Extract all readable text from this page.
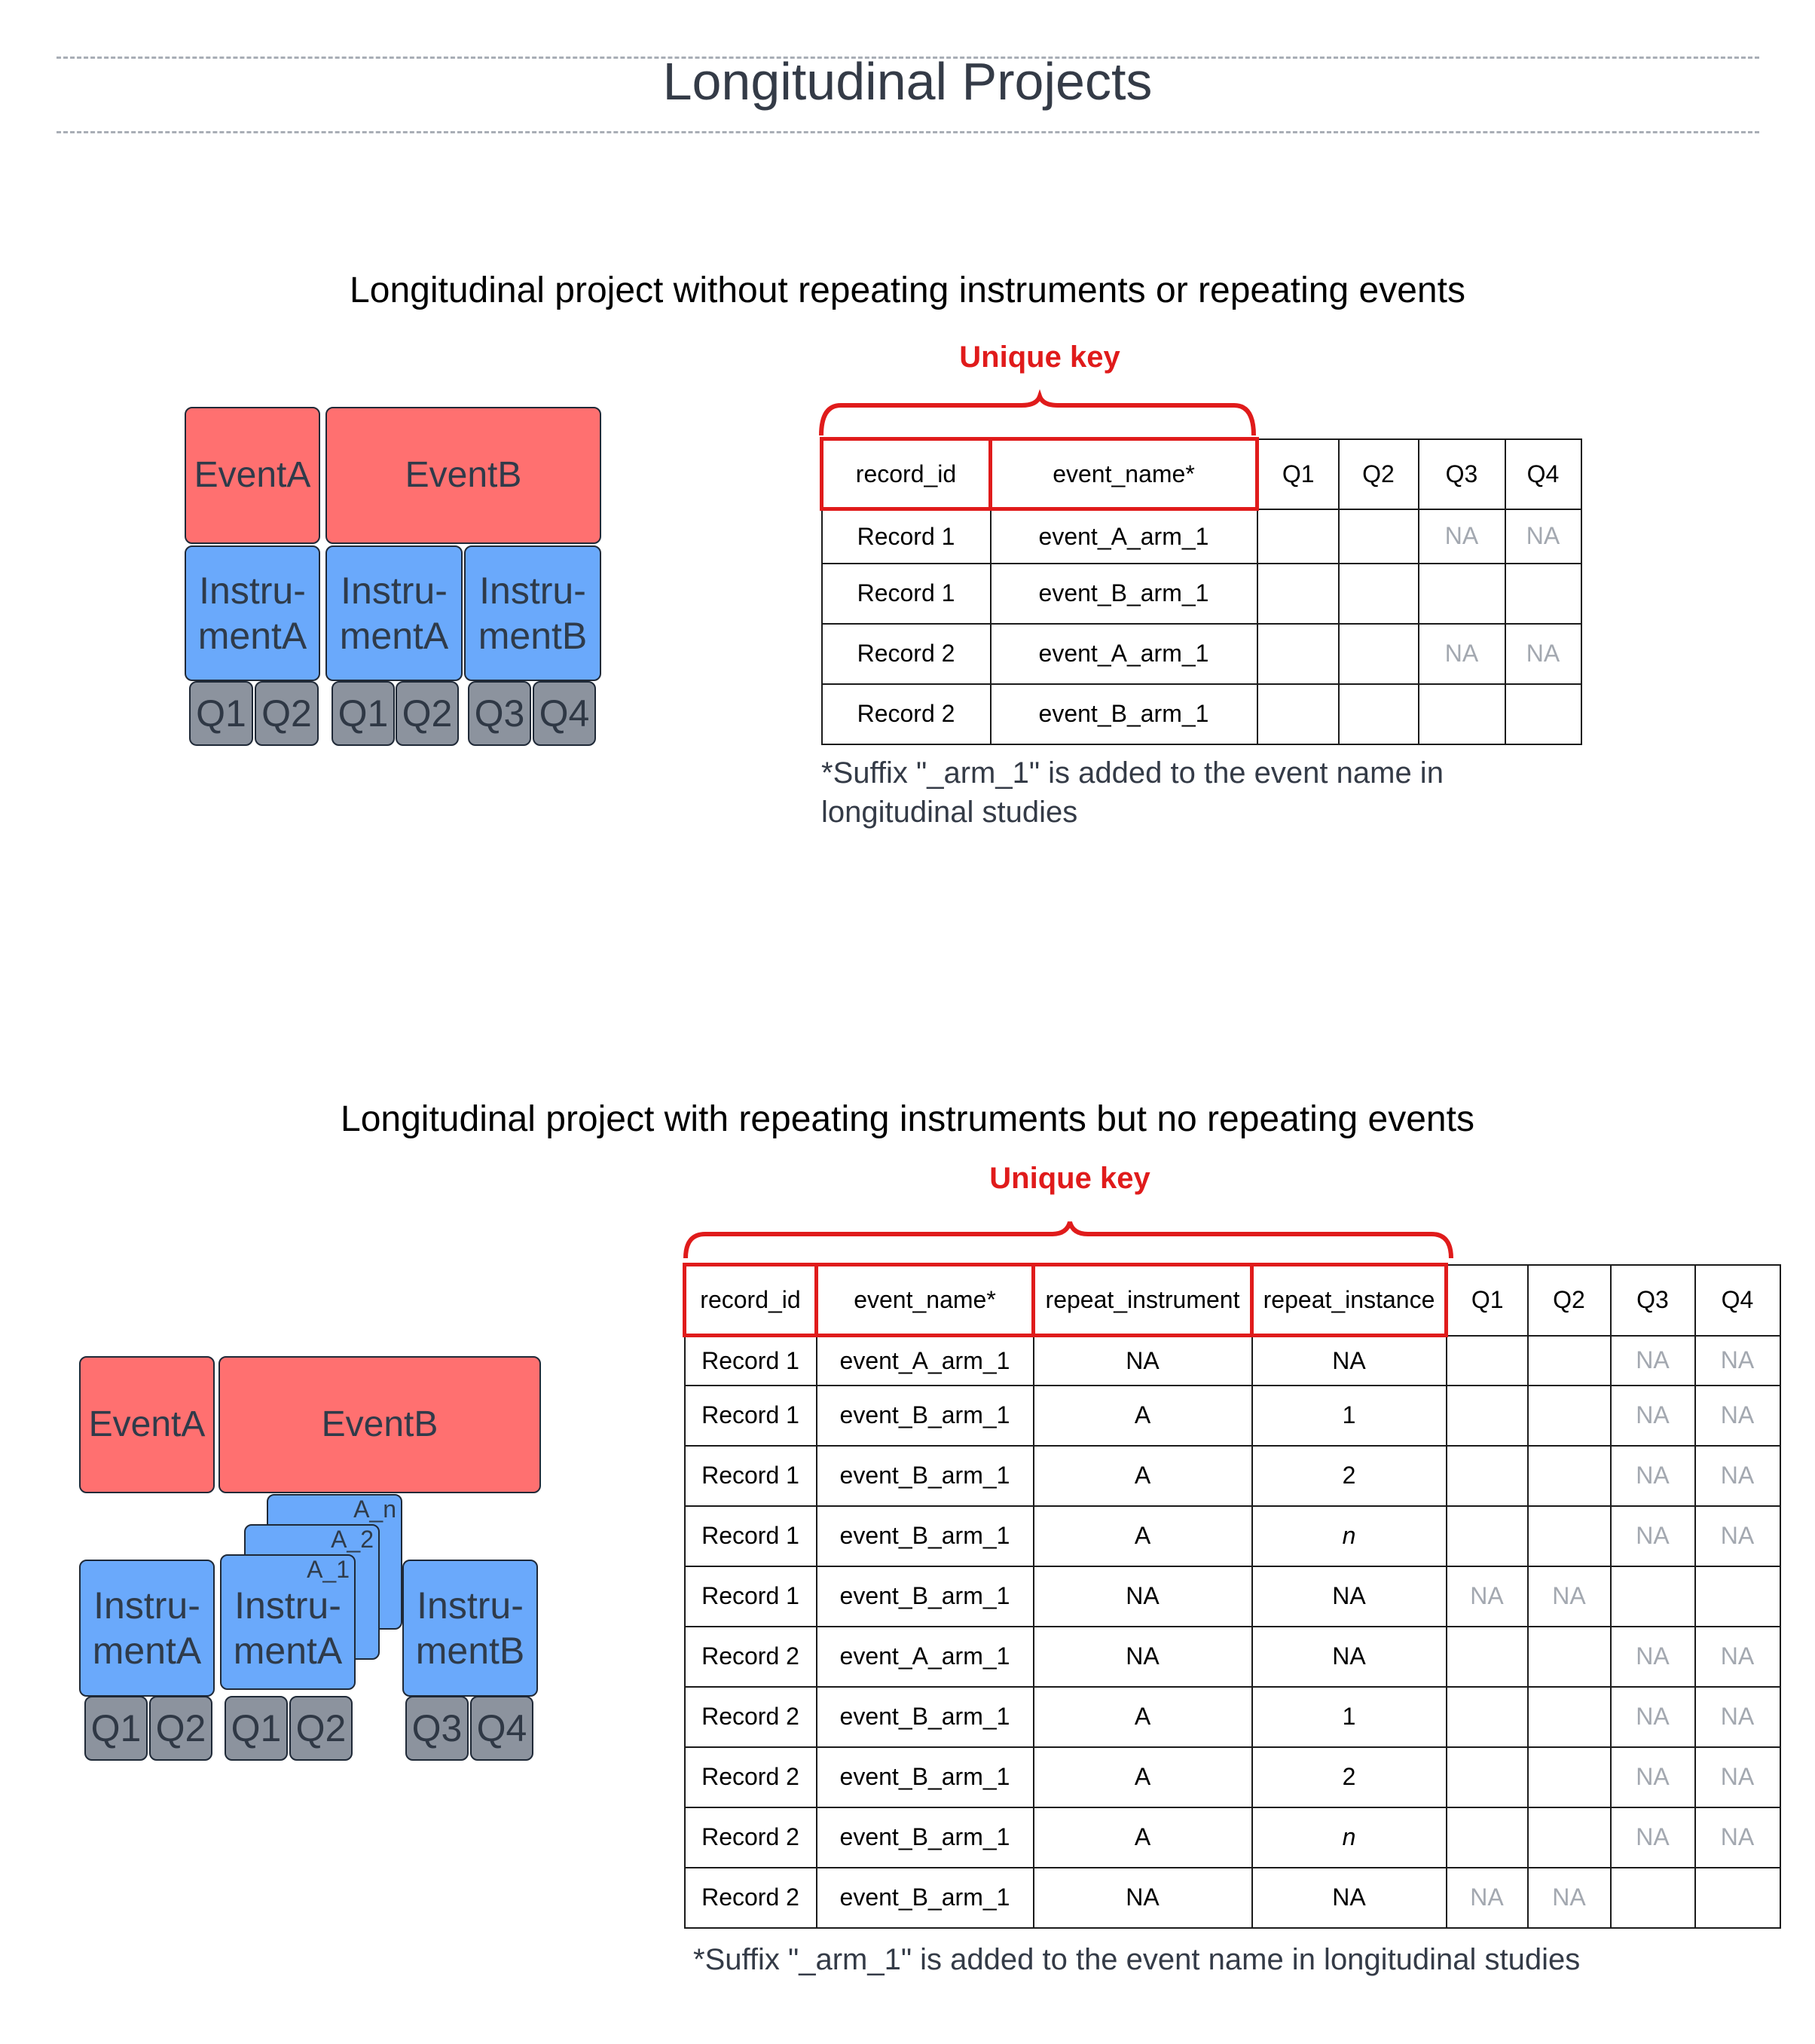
Longitudinal Projects
Longitudinal project without repeating instruments or repeating events
EventA	EventB
Instru-
mentA
Instru-
mentA
Instru-
mentB
Q1 Q2 Q1 Q2 Q3 Q4
Unique key
record_id	event_name*	Q1	Q2	Q3	Q4
Record 1	event_A_arm_1			NA	NA
Record 1	event_B_arm_1				
Record 2	event_A_arm_1			NA	NA
Record 2	event_B_arm_1				
*Suffix "_arm_1" is added to the event name in longitudinal studies
Longitudinal project with repeating instruments but no repeating events
EventA	EventB
A_n
A_2
A_1
Instru-
mentA
Instru-
mentA
Instru-
mentB
Q1 Q2 Q1 Q2 Q3 Q4
Unique key
record_id	event_name*	repeat_instrument	repeat_instance	Q1	Q2	Q3	Q4
Record 1	event_A_arm_1	NA	NA			NA	NA
Record 1	event_B_arm_1	A	1			NA	NA
Record 1	event_B_arm_1	A	2			NA	NA
Record 1	event_B_arm_1	A	n			NA	NA
Record 1	event_B_arm_1	NA	NA	NA	NA		
Record 2	event_A_arm_1	NA	NA			NA	NA
Record 2	event_B_arm_1	A	1			NA	NA
Record 2	event_B_arm_1	A	2			NA	NA
Record 2	event_B_arm_1	A	n			NA	NA
Record 2	event_B_arm_1	NA	NA	NA	NA		
*Suffix "_arm_1" is added to the event name in longitudinal studies
